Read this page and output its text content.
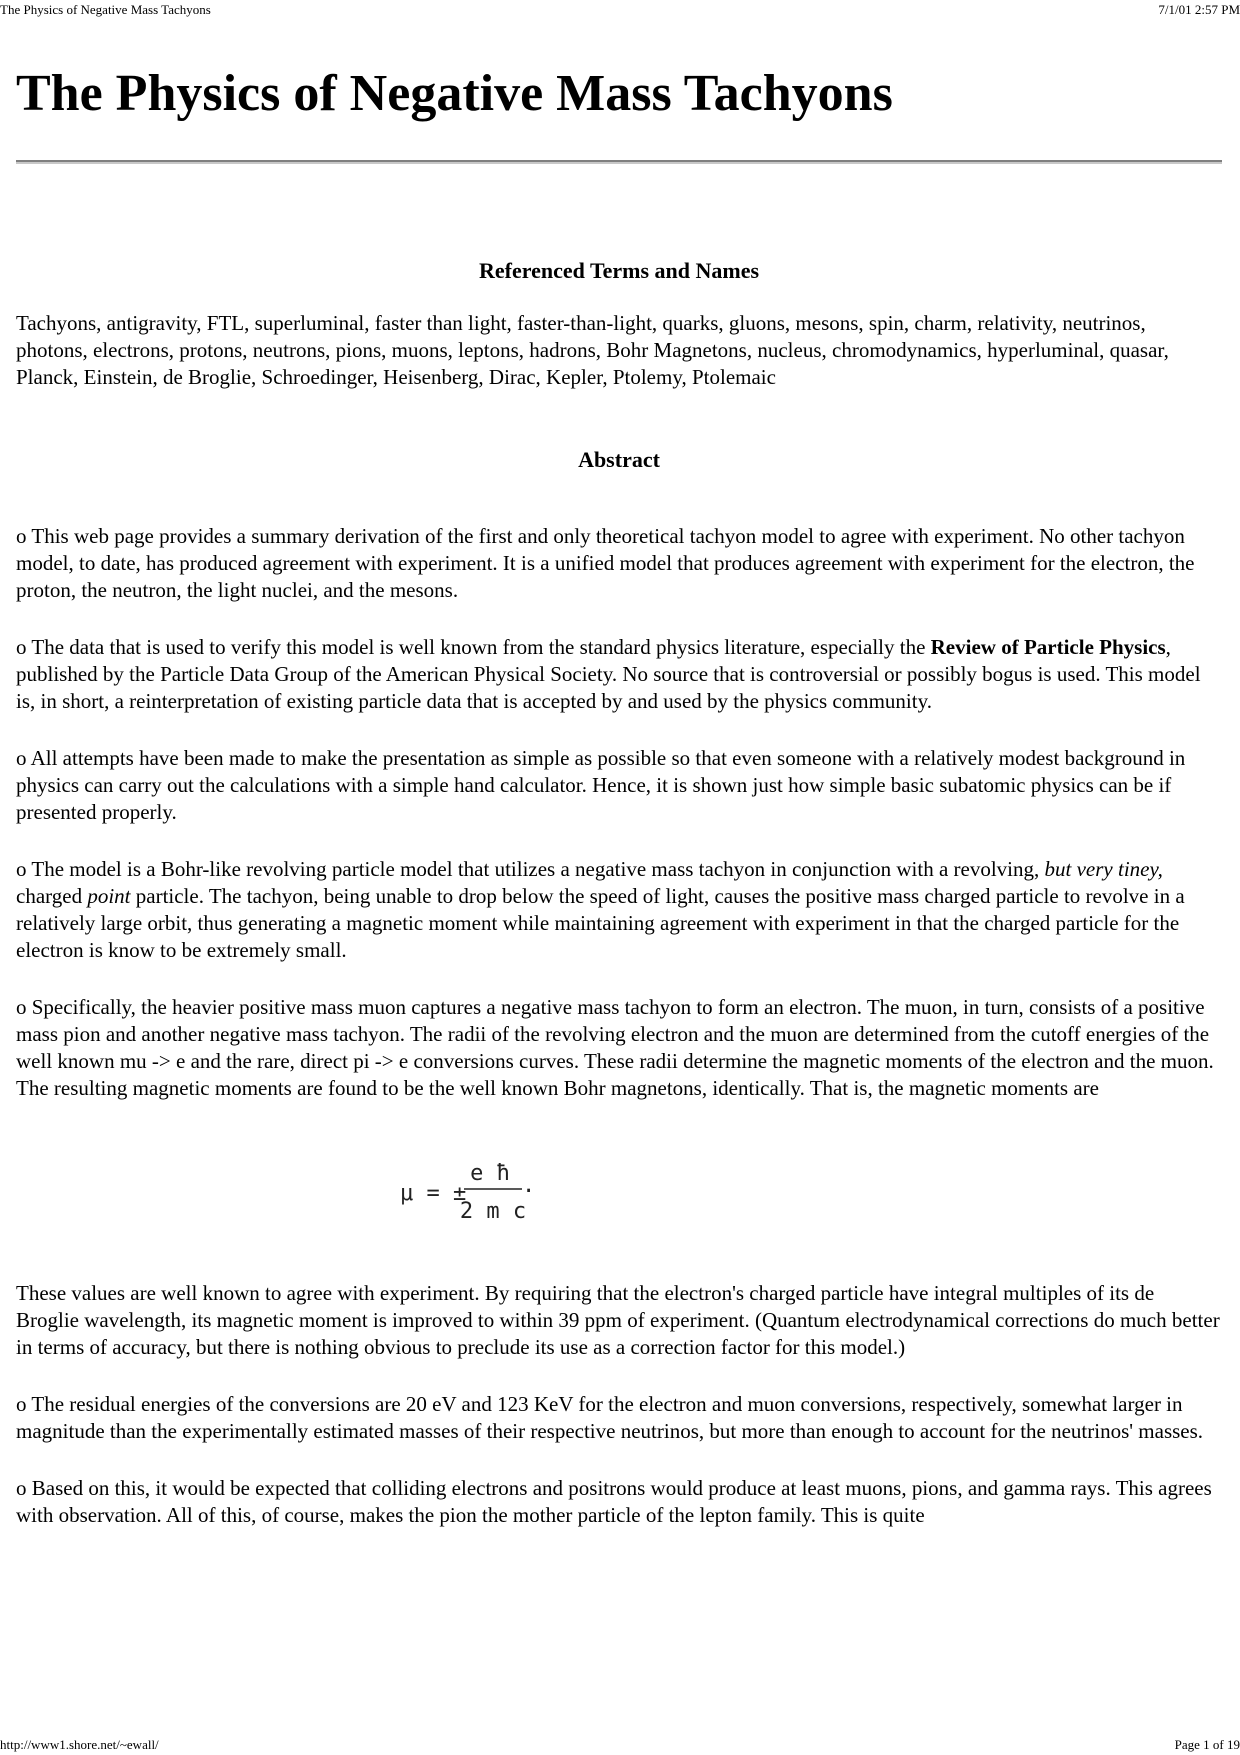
The Physics of Negative Mass Tachyons	7/1/01 2:57 PM
The Physics of Negative Mass Tachyons
Referenced Terms and Names

Tachyons, antigravity, FTL, superluminal, faster than light, faster-than-light, quarks, gluons, mesons, spin, charm, relativity, neutrinos, photons, electrons, protons, neutrons, pions, muons, leptons, hadrons, Bohr Magnetons, nucleus, chromodynamics, hyperluminal, quasar, Planck, Einstein, de Broglie, Schroedinger, Heisenberg, Dirac, Kepler, Ptolemy, Ptolemaic

Abstract

o This web page provides a summary derivation of the first and only theoretical tachyon model to agree with experiment. No other tachyon model, to date, has produced agreement with experiment. It is a unified model that produces agreement with experiment for the electron, the proton, the neutron, the light nuclei, and the mesons.

o The data that is used to verify this model is well known from the standard physics literature, especially the Review of Particle Physics, published by the Particle Data Group of the American Physical Society. No source that is controversial or possibly bogus is used. This model is, in short, a reinterpretation of existing particle data that is accepted by and used by the physics community.

o All attempts have been made to make the presentation as simple as possible so that even someone with a relatively modest background in physics can carry out the calculations with a simple hand calculator. Hence, it is shown just how simple basic subatomic physics can be if presented properly.

o The model is a Bohr-like revolving particle model that utilizes a negative mass tachyon in conjunction with a revolving, but very tiney, charged point particle. The tachyon, being unable to drop below the speed of light, causes the positive mass charged particle to revolve in a relatively large orbit, thus generating a magnetic moment while maintaining agreement with experiment in that the charged particle for the electron is know to be extremely small.

o Specifically, the heavier positive mass muon captures a negative mass tachyon to form an electron. The muon, in turn, consists of a positive mass pion and another negative mass tachyon. The radii of the revolving electron and the muon are determined from the cutoff energies of the well known mu -> e and the rare, direct pi -> e conversions curves. These radii determine the magnetic moments of the electron and the muon. The resulting magnetic moments are found to be the well known Bohr magnetons, identically. That is, the magnetic moments are

μ = ±
e ħ
2 m c
.

These values are well known to agree with experiment. By requiring that the electron's charged particle have integral multiples of its de Broglie wavelength, its magnetic moment is improved to within 39 ppm of experiment. (Quantum electrodynamical corrections do much better in terms of accuracy, but there is nothing obvious to preclude its use as a correction factor for this model.)

o The residual energies of the conversions are 20 eV and 123 KeV for the electron and muon conversions, respectively, somewhat larger in magnitude than the experimentally estimated masses of their respective neutrinos, but more than enough to account for the neutrinos' masses.

o Based on this, it would be expected that colliding electrons and positrons would produce at least muons, pions, and gamma rays. This agrees with observation. All of this, of course, makes the pion the mother particle of the lepton family. This is quite

http://www1.shore.net/~ewall/	Page 1 of 19
